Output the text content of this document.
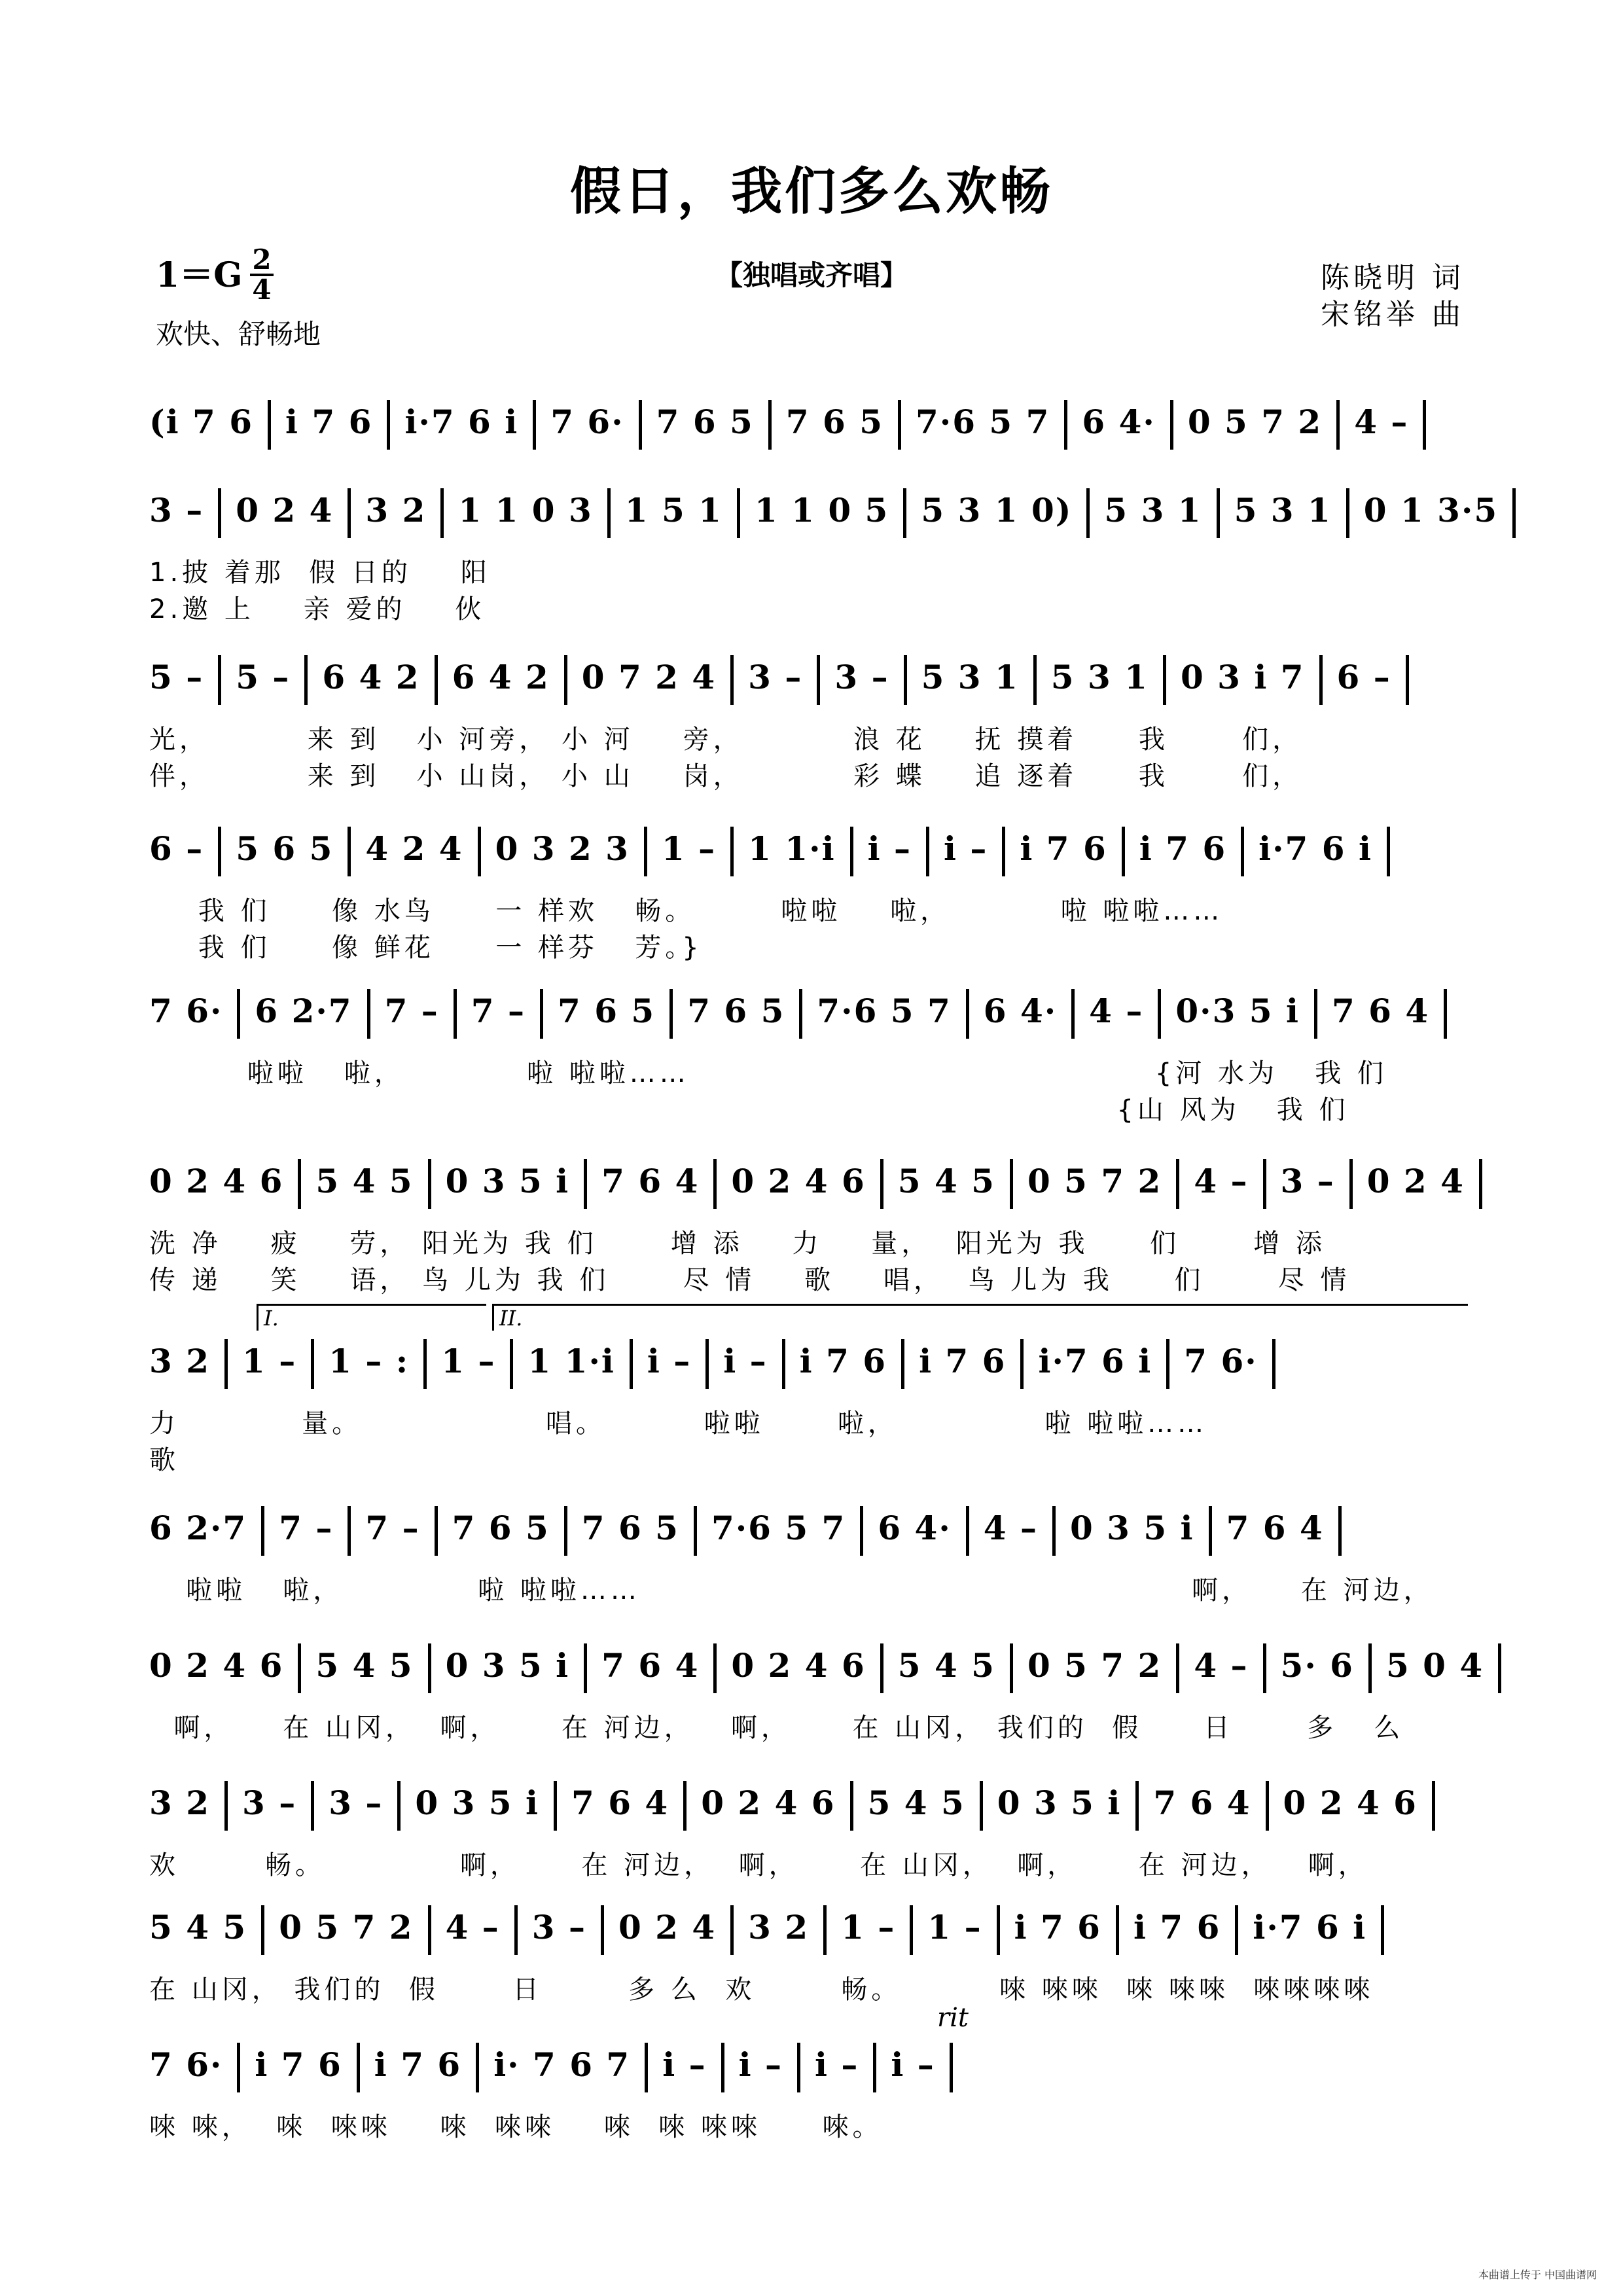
假日，我们多么欢畅
1＝G 2
4
欢快、舒畅地
【独唱或齐唱】	陈晓明 词
宋铭举 曲
(i 7 6 i 7 6 i·7 6 i 7 6· 7 6 5 7 6 5 7·6 5 7 6 4· 0 5 7 2 4 –
3 – 0 2 4 3 2 1 1 0 3 1 5 1 1 1 0 5 5 3 1 0) 5 3 1 5 3 1 0 1 3·5
1.披 着那  假 日的    阳
2.邀 上    亲 爱的    伙
5 – 5 – 6 4 2 6 4 2 0 7 2 4 3 – 3 – 5 3 1 5 3 1 0 3 i 7 6 –
光，        来 到   小 河旁， 小 河    旁，         浪 花    抚 摸着     我      们，
伴，        来 到   小 山岗， 小 山    岗，         彩 蝶    追 逐着     我      们，
6 – 5 6 5 4 2 4 0 3 2 3 1 – 1 1·i i – i – i 7 6 i 7 6 i·7 6 i
我 们     像 水鸟     一 样欢   畅。       啦啦    啦，         啦 啦啦……
我 们     像 鲜花     一 样芬   芳。}
7 6· 6 2·7 7 – 7 – 7 6 5 7 6 5 7·6 5 7 6 4· 4 – 0·3 5 i 7 6 4
啦啦   啦，          啦 啦啦……                                      {河 水为   我 们
{山 风为   我 们
0 2 4 6 5 4 5 0 3 5 i 7 6 4 0 2 4 6 5 4 5 0 5 7 2 4 – 3 – 0 2 4
洗 净    疲    劳， 阳光为 我 们      增 添    力    量，  阳光为 我     们      增 添
传 递    笑    语， 鸟 儿为 我 们      尽 情    歌    唱，  鸟 儿为 我     们      尽 情
3 2 1 – 1 – : 1 – 1 1·i i – i – i 7 6 i 7 6 i·7 6 i 7 6·
力          量。               唱。        啦啦      啦，            啦 啦啦……
歌
6 2·7 7 – 7 – 7 6 5 7 6 5 7·6 5 7 6 4· 4 – 0 3 5 i 7 6 4
啦啦   啦，           啦 啦啦……                                             啊，    在 河边，
0 2 4 6 5 4 5 0 3 5 i 7 6 4 0 2 4 6 5 4 5 0 5 7 2 4 – 5· 6 5 0 4
啊，    在 山冈，  啊，     在 河边，   啊，     在 山冈， 我们的  假     日      多   么
3 2 3 – 3 – 0 3 5 i 7 6 4 0 2 4 6 5 4 5 0 3 5 i 7 6 4 0 2 4 6
欢       畅。           啊，     在 河边，  啊，     在 山冈，  啊，     在 河边，   啊，
5 4 5 0 5 7 2 4 – 3 – 0 2 4 3 2 1 – 1 – i 7 6 i 7 6 i·7 6 i
在 山冈， 我们的  假      日       多 么  欢       畅。        唻 唻唻  唻 唻唻  唻唻唻唻
7 6· i 7 6 i 7 6 i· 7 6 7 i – i – i – i –
唻 唻，  唻  唻唻    唻  唻唻    唻  唻 唻唻     唻。
rit
I.	II.
本曲谱上传于 中国曲谱网
